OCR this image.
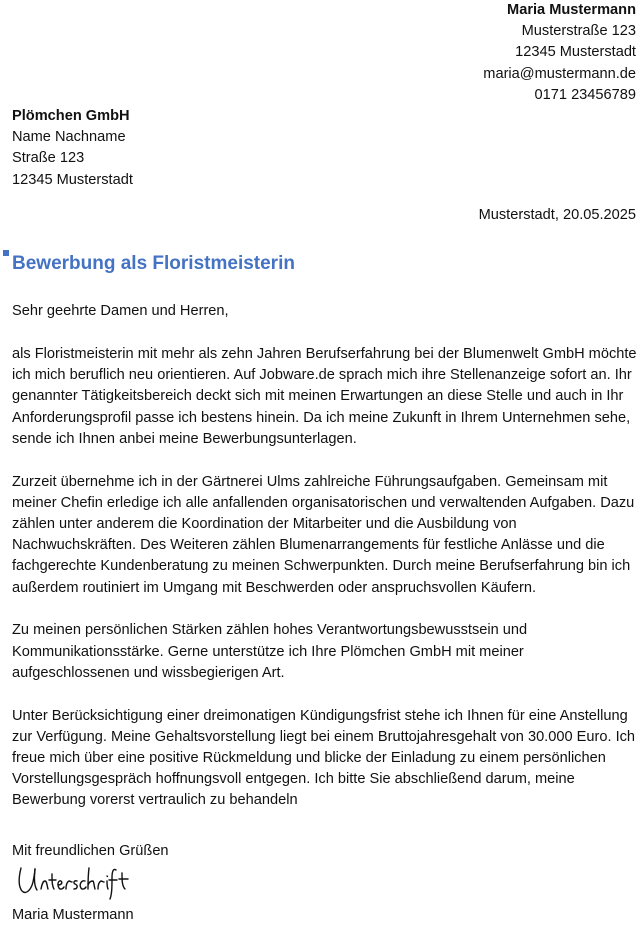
Maria Mustermann
Musterstraße 123
12345 Musterstadt
maria@mustermann.de
0171 23456789
Plömchen GmbH
Name Nachname
Straße 123
12345 Musterstadt
Musterstadt, 20.05.2025
Bewerbung als Floristmeisterin
Sehr geehrte Damen und Herren,

als Floristmeisterin mit mehr als zehn Jahren Berufserfahrung bei der Blumenwelt GmbH möchte ich mich beruflich neu orientieren. Auf Jobware.de sprach mich ihre Stellenanzeige sofort an. Ihr genannter Tätigkeitsbereich deckt sich mit meinen Erwartungen an diese Stelle und auch in Ihr Anforderungsprofil passe ich bestens hinein. Da ich meine Zukunft in Ihrem Unternehmen sehe, sende ich Ihnen anbei meine Bewerbungsunterlagen.

Zurzeit übernehme ich in der Gärtnerei Ulms zahlreiche Führungsaufgaben. Gemeinsam mit meiner Chefin erledige ich alle anfallenden organisatorischen und verwaltenden Aufgaben. Dazu zählen unter anderem die Koordination der Mitarbeiter und die Ausbildung von Nachwuchskräften. Des Weiteren zählen Blumenarrangements für festliche Anlässe und die fachgerechte Kundenberatung zu meinen Schwerpunkten. Durch meine Berufserfahrung bin ich außerdem routiniert im Umgang mit Beschwerden oder anspruchsvollen Käufern.

Zu meinen persönlichen Stärken zählen hohes Verantwortungsbewusstsein und Kommunikationsstärke. Gerne unterstütze ich Ihre Plömchen GmbH mit meiner aufgeschlossenen und wissbegierigen Art.

Unter Berücksichtigung einer dreimonatigen Kündigungsfrist stehe ich Ihnen für eine Anstellung zur Verfügung. Meine Gehaltsvorstellung liegt bei einem Bruttojahresgehalt von 30.000 Euro. Ich freue mich über eine positive Rückmeldung und blicke der Einladung zu einem persönlichen Vorstellungsgespräch hoffnungsvoll entgegen. Ich bitte Sie abschließend darum, meine Bewerbung vorerst vertraulich zu behandeln

Mit freundlichen Grüßen
Maria Mustermann
